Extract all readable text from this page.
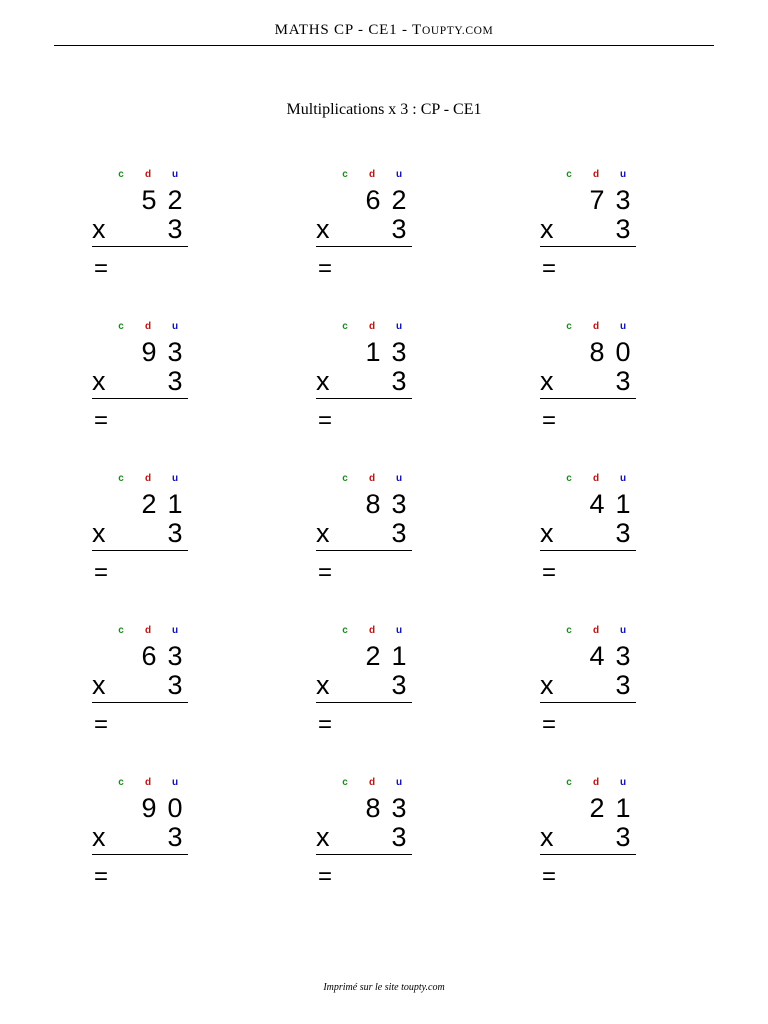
MATHS CP - CE1 - TOUPTY.COM
Multiplications x 3 : CP - CE1
c	d u
5 2
x 3
=
c	d u
6 2
x 3
=
c	d u
7 3
x 3
=
c	d u
9 3
x 3
=
c	d u
1 3
x 3
=
c	d u
8 0
x 3
=
c	d u
2 1
x 3
=
c	d u
8 3
x 3
=
c	d u
4 1
x 3
=
c	d u
6 3
x 3
=
c	d u
2 1
x 3
=
c	d u
4 3
x 3
=
c	d u
9 0
x 3
=
c	d u
8 3
x 3
=
c	d u
2 1
x 3
=
Imprimé sur le site toupty.com
